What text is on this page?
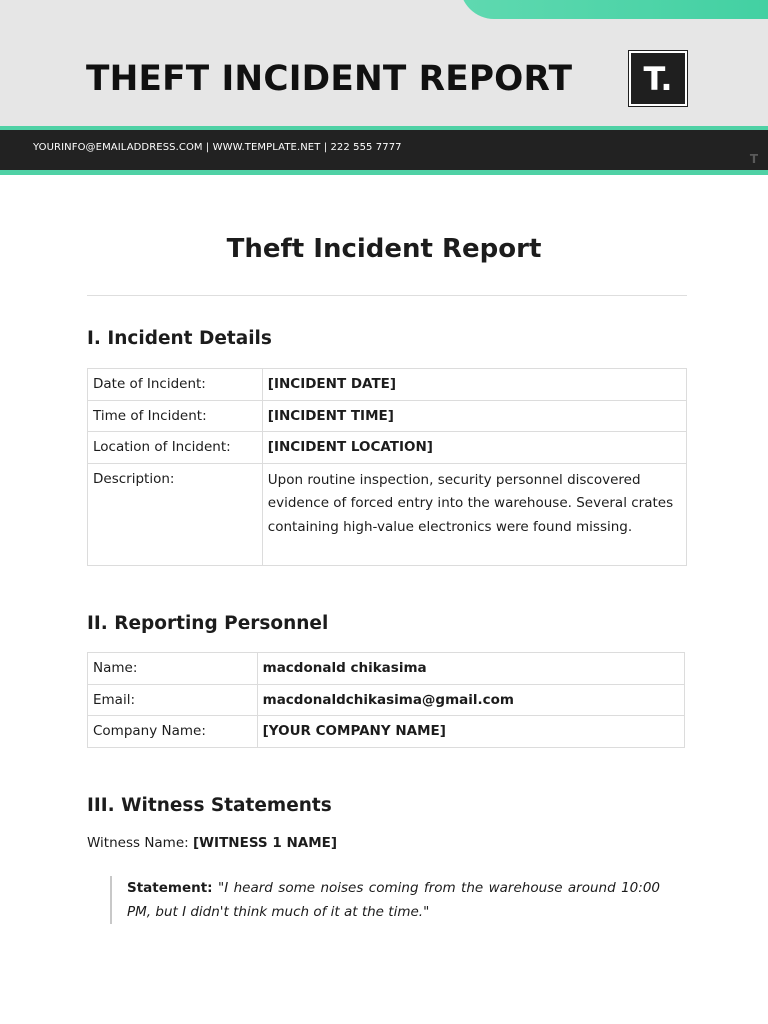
THEFT INCIDENT REPORT T.
YOURINFO@EMAILADDRESS.COM | WWW.TEMPLATE.NET | 222 555 7777
T
Theft Incident Report
I. Incident Details
Date of Incident:	[INCIDENT DATE]
Time of Incident:	[INCIDENT TIME]
Location of Incident:	[INCIDENT LOCATION]
Description:	Upon routine inspection, security personnel discovered evidence of forced entry into the warehouse. Several crates containing high-value electronics were found missing.
II. Reporting Personnel
Name:	macdonald chikasima
Email:	macdonaldchikasima@gmail.com
Company Name:	[YOUR COMPANY NAME]
III. Witness Statements
Witness Name: [WITNESS 1 NAME]

Statement: "I heard some noises coming from the warehouse around 10:00 PM, but I didn't think much of it at the time."
